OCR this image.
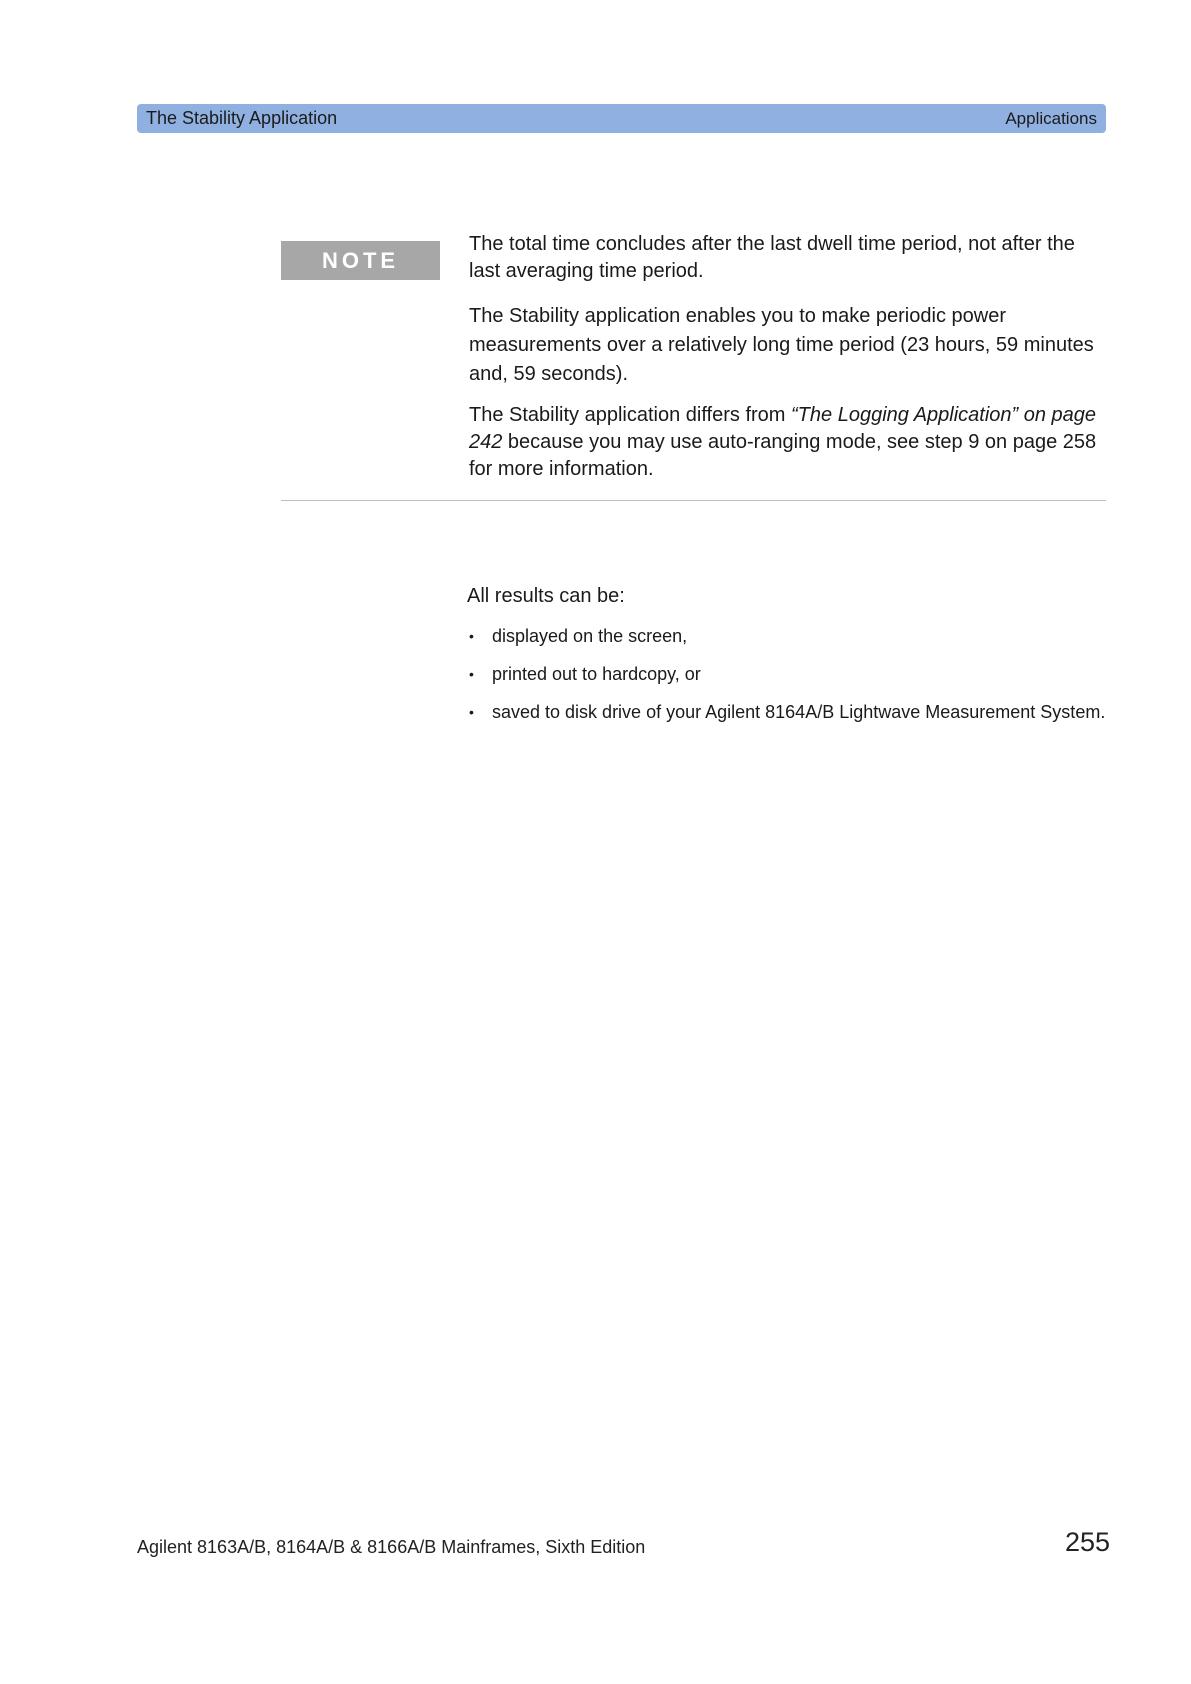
The Stability Application	Applications
NOTE

The total time concludes after the last dwell time period, not after the last averaging time period.

The Stability application enables you to make periodic power measurements over a relatively long time period (23 hours, 59 minutes and, 59 seconds).

The Stability application differs from “The Logging Application” on page 242 because you may use auto-ranging mode, see step 9 on page 258 for more information.

All results can be:

• displayed on the screen,
• printed out to hardcopy, or
• saved to disk drive of your Agilent 8164A/B Lightwave Measurement System.
Agilent 8163A/B, 8164A/B & 8166A/B Mainframes, Sixth Edition	255
